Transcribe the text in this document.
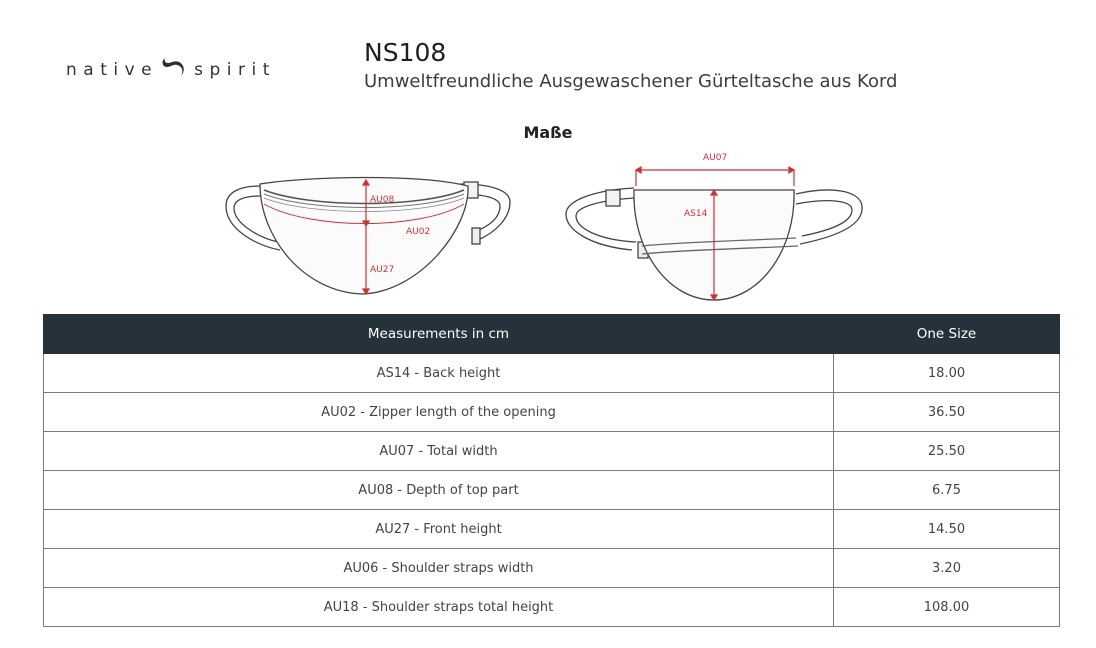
native spirit
NS108
Umweltfreundliche Ausgewaschener Gürteltasche aus Kord
Maße
AU08
AU02
AU27
AU07
AS14
Measurements in cm	One Size
AS14 - Back height	18.00
AU02 - Zipper length of the opening	36.50
AU07 - Total width	25.50
AU08 - Depth of top part	6.75
AU27 - Front height	14.50
AU06 - Shoulder straps width	3.20
AU18 - Shoulder straps total height	108.00
